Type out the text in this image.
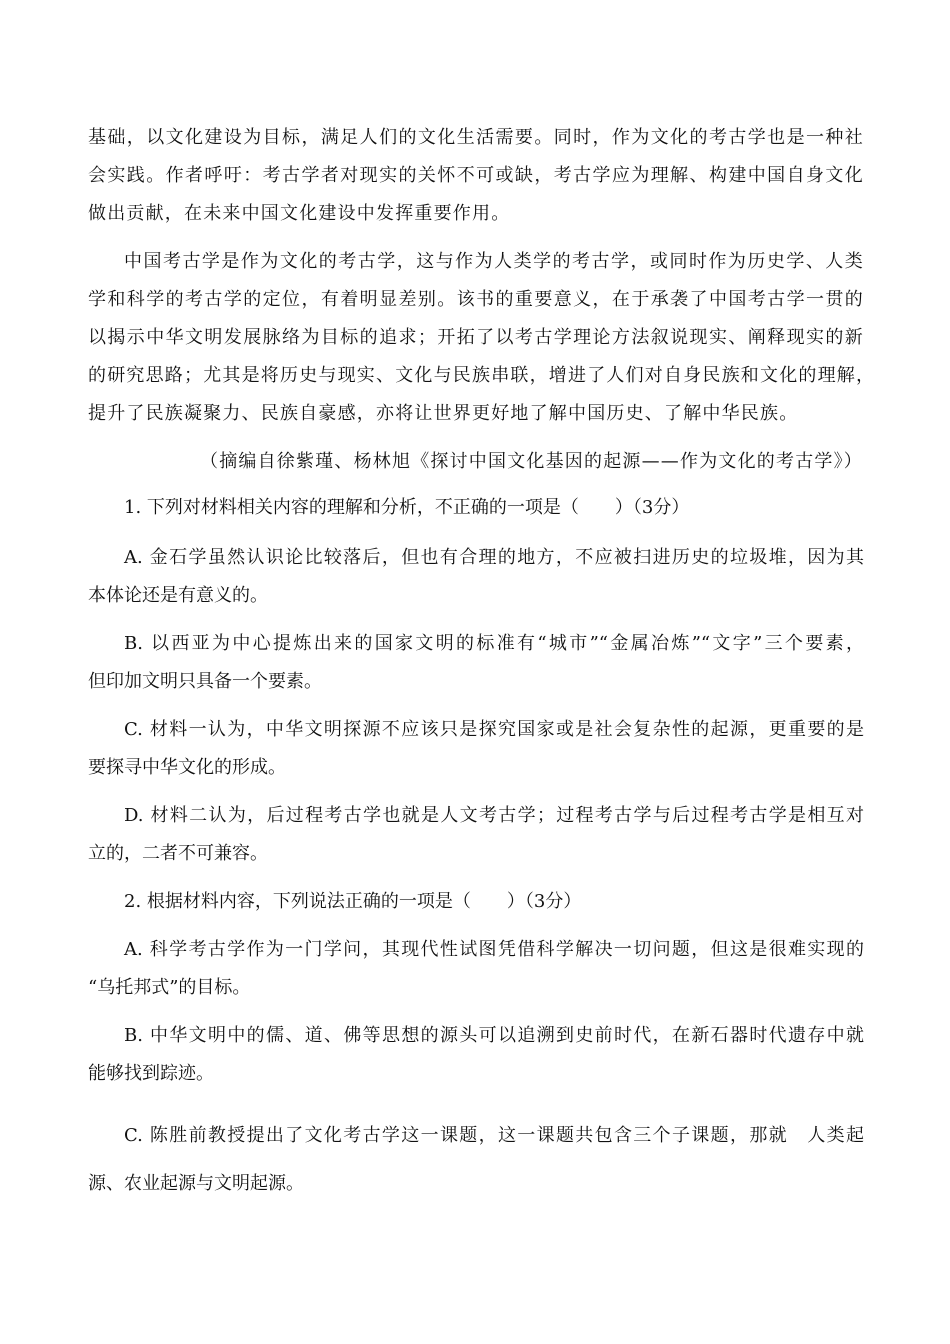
基础，以文化建设为目标，满足人们的文化生活需要。同时，作为文化的考古学也是一种社

会实践。作者呼吁：考古学者对现实的关怀不可或缺，考古学应为理解、构建中国自身文化

做出贡献，在未来中国文化建设中发挥重要作用。

中国考古学是作为文化的考古学，这与作为人类学的考古学，或同时作为历史学、人类

学和科学的考古学的定位，有着明显差别。该书的重要意义，在于承袭了中国考古学一贯的

以揭示中华文明发展脉络为目标的追求；开拓了以考古学理论方法叙说现实、阐释现实的新

的研究思路；尤其是将历史与现实、文化与民族串联，增进了人们对自身民族和文化的理解，

提升了民族凝聚力、民族自豪感，亦将让世界更好地了解中国历史、了解中华民族。

（摘编自徐紫瑾、杨林旭《探讨中国文化基因的起源——作为文化的考古学》）

1. 下列对材料相关内容的理解和分析，不正确的一项是（　　）（3分）

A. 金石学虽然认识论比较落后，但也有合理的地方，不应被扫进历史的垃圾堆，因为其

本体论还是有意义的。

B. 以西亚为中心提炼出来的国家文明的标准有“城市”“金属冶炼”“文字”三个要素，

但印加文明只具备一个要素。

C. 材料一认为，中华文明探源不应该只是探究国家或是社会复杂性的起源，更重要的是

要探寻中华文化的形成。

D. 材料二认为，后过程考古学也就是人文考古学；过程考古学与后过程考古学是相互对

立的，二者不可兼容。

2. 根据材料内容，下列说法正确的一项是（　　）（3分）

A. 科学考古学作为一门学问，其现代性试图凭借科学解决一切问题，但这是很难实现的

“乌托邦式”的目标。

B. 中华文明中的儒、道、佛等思想的源头可以追溯到史前时代，在新石器时代遗存中就

能够找到踪迹。

C. 陈胜前教授提出了文化考古学这一课题，这一课题共包含三个子课题，那就　人类起

源、农业起源与文明起源。
